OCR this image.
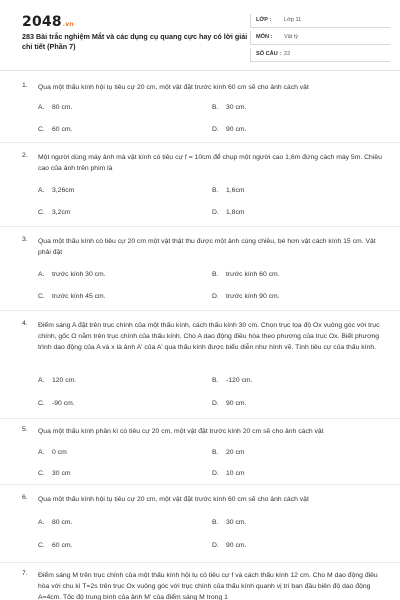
2048.vn
283 Bài trắc nghiệm Mắt và các dụng cụ quang cực hay có lời giải chi tiết (Phần 7)
LỚP : Lớp 11
MÔN : Vật lý
SỐ CÂU : 22
1. Qua một thấu kính hội tụ tiêu cự 20 cm, một vật đặt trước kính 60 cm sẽ cho ảnh cách vật
A. 80 cm.	B. 30 cm.
C. 60 cm.	D. 90 cm.
2. Một người dùng máy ảnh mà vật kính có tiêu cự f = 10cm để chụp một người cao 1,6m đứng cách máy 5m. Chiều cao của ảnh trên phim là
A. 3,26cm	B. 1,6cm
C. 3,2cm	D. 1,8cm
3. Qua một thấu kính có tiêu cự 20 cm một vật thật thu được một ảnh cùng chiều, bé hơn vật cách kính 15 cm. Vật phải đặt
A. trước kính 30 cm.	B. trước kính 60 cm.
C. trước kính 45 cm.	D. trước kính 90 cm.
4. Điểm sáng A đặt trên trục chính của một thấu kính, cách thấu kính 30 cm. Chọn trục tọa độ Ox vuông góc với trục chính, gốc O nằm trên trục chính của thấu kính. Cho A dao động điều hòa theo phương của trục Ox. Biết phương trình dao động của A và x là ảnh A' của A' qua thấu kính được biểu diễn như hình vẽ. Tính tiêu cự của thấu kính.
A. 120 cm.	B. -120 cm.
C. -90 cm.	D. 90 cm.
5. Qua một thấu kính phân kì có tiêu cự 20 cm, một vật đặt trước kính 20 cm sẽ cho ảnh cách vật
A. 0 cm	B. 20 cm
C. 30 cm	D. 10 cm
6. Qua một thấu kính hội tụ tiêu cự 20 cm, một vật đặt trước kính 60 cm sẽ cho ảnh cách vật
A. 80 cm.	B. 30 cm.
C. 60 cm.	D. 90 cm.
7. Điểm sáng M trên trục chính của một thấu kính hội tụ có tiêu cự f và cách thấu kính 12 cm. Cho M dao động điều hòa với chu kì T=2s trên trục Ox vuông góc với trục chính của thấu kính quanh vị trí ban đầu biên độ dao động A=4cm. Tốc độ trung bình của ảnh M' của điểm sáng M trong 1
